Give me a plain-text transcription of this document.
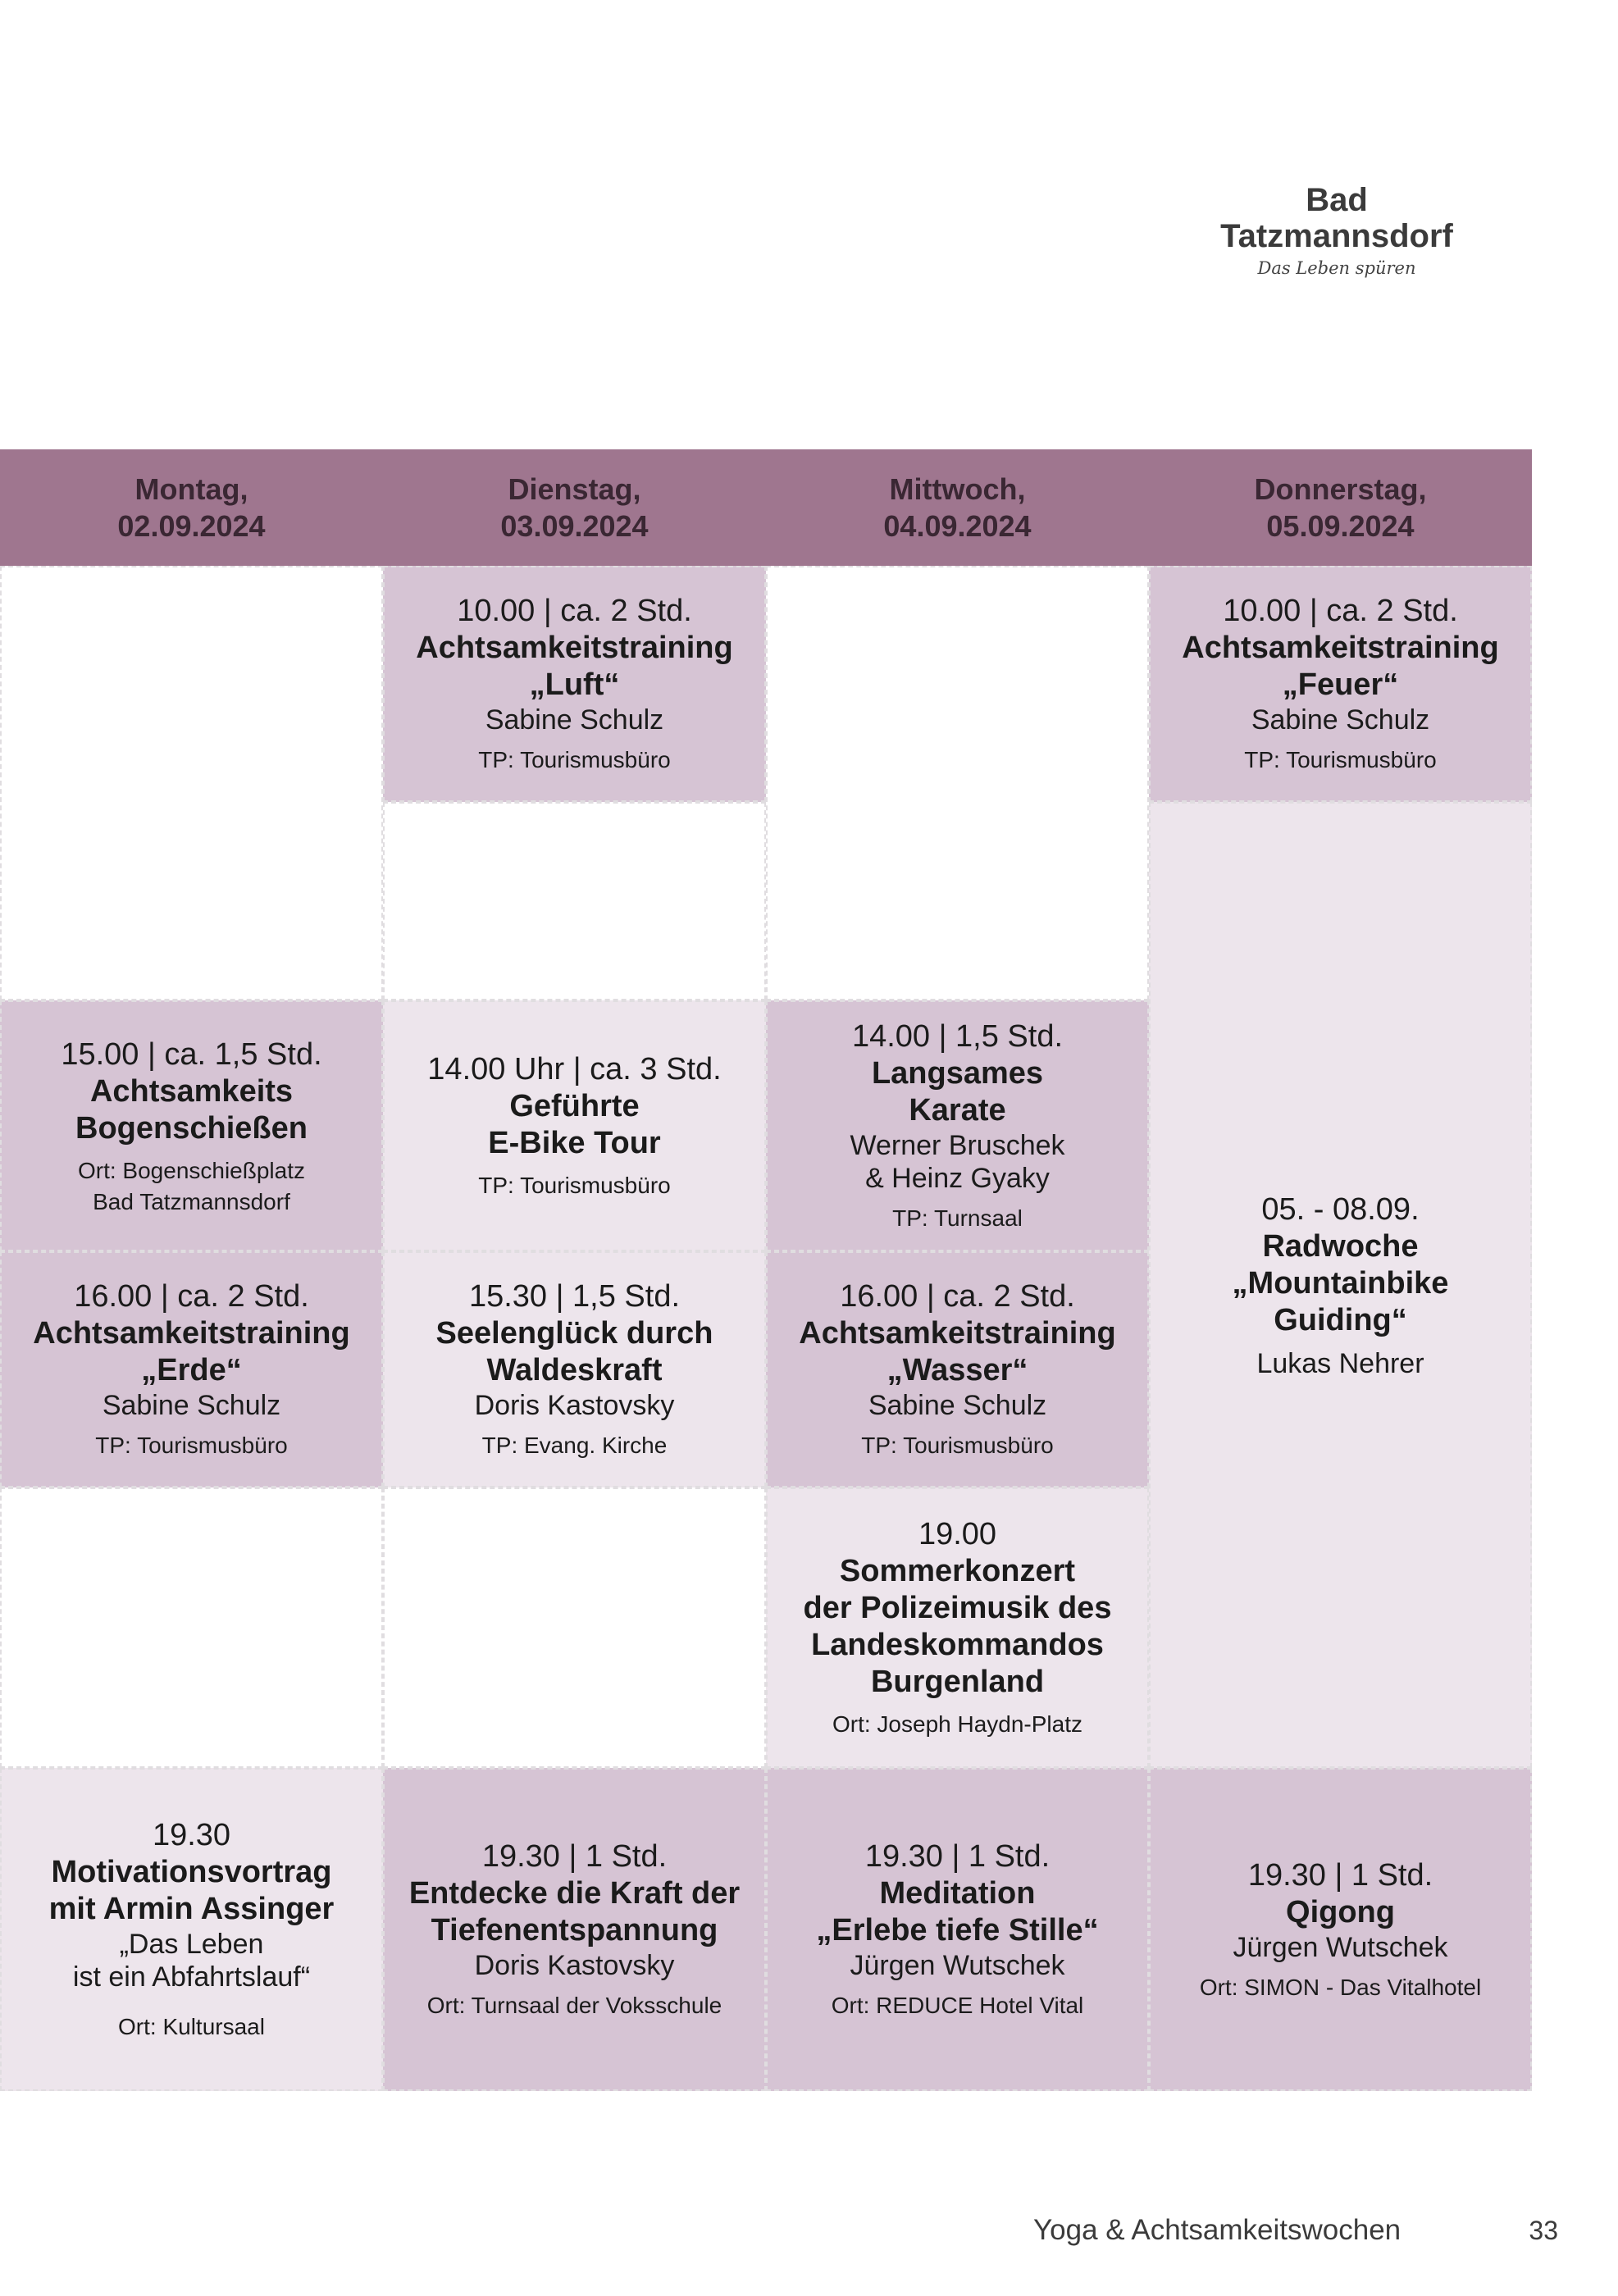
Bad
Tatzmannsdorf
Das Leben spüren
Montag,
02.09.2024
Dienstag,
03.09.2024
Mittwoch,
04.09.2024
Donnerstag,
05.09.2024
10.00 | ca. 2 Std.
Achtsamkeitstraining
„Luft“
Sabine Schulz
TP: Tourismusbüro
10.00 | ca. 2 Std.
Achtsamkeitstraining
„Feuer“
Sabine Schulz
TP: Tourismusbüro
15.00 | ca. 1,5 Std.
Achtsamkeits
Bogenschießen
Ort: Bogenschießplatz
Bad Tatzmannsdorf
14.00 Uhr | ca. 3 Std.
Geführte
E-Bike Tour
TP: Tourismusbüro
14.00 | 1,5 Std.
Langsames
Karate
Werner Bruschek
& Heinz Gyaky
TP: Turnsaal	05. - 08.09.
Radwoche
„Mountainbike
Guiding“
Lukas Nehrer
16.00 | ca. 2 Std.
Achtsamkeitstraining
„Erde“
Sabine Schulz
TP: Tourismusbüro
15.30 | 1,5 Std.
Seelenglück durch
Waldeskraft
Doris Kastovsky
TP: Evang. Kirche
16.00 | ca. 2 Std.
Achtsamkeitstraining
„Wasser“
Sabine Schulz
TP: Tourismusbüro
19.00
Sommerkonzert
der Polizeimusik des
Landeskommandos
Burgenland
Ort: Joseph Haydn-Platz
19.30
Motivationsvortrag
mit Armin Assinger
„Das Leben
ist ein Abfahrtslauf“
Ort: Kultursaal
19.30 | 1 Std.
Entdecke die Kraft der
Tiefenentspannung
Doris Kastovsky
Ort: Turnsaal der Voksschule
19.30 | 1 Std.
Meditation
„Erlebe tiefe Stille“
Jürgen Wutschek
Ort: REDUCE Hotel Vital
19.30 | 1 Std.
Qigong
Jürgen Wutschek
Ort: SIMON - Das Vitalhotel
Yoga & Achtsamkeitswochen	33
